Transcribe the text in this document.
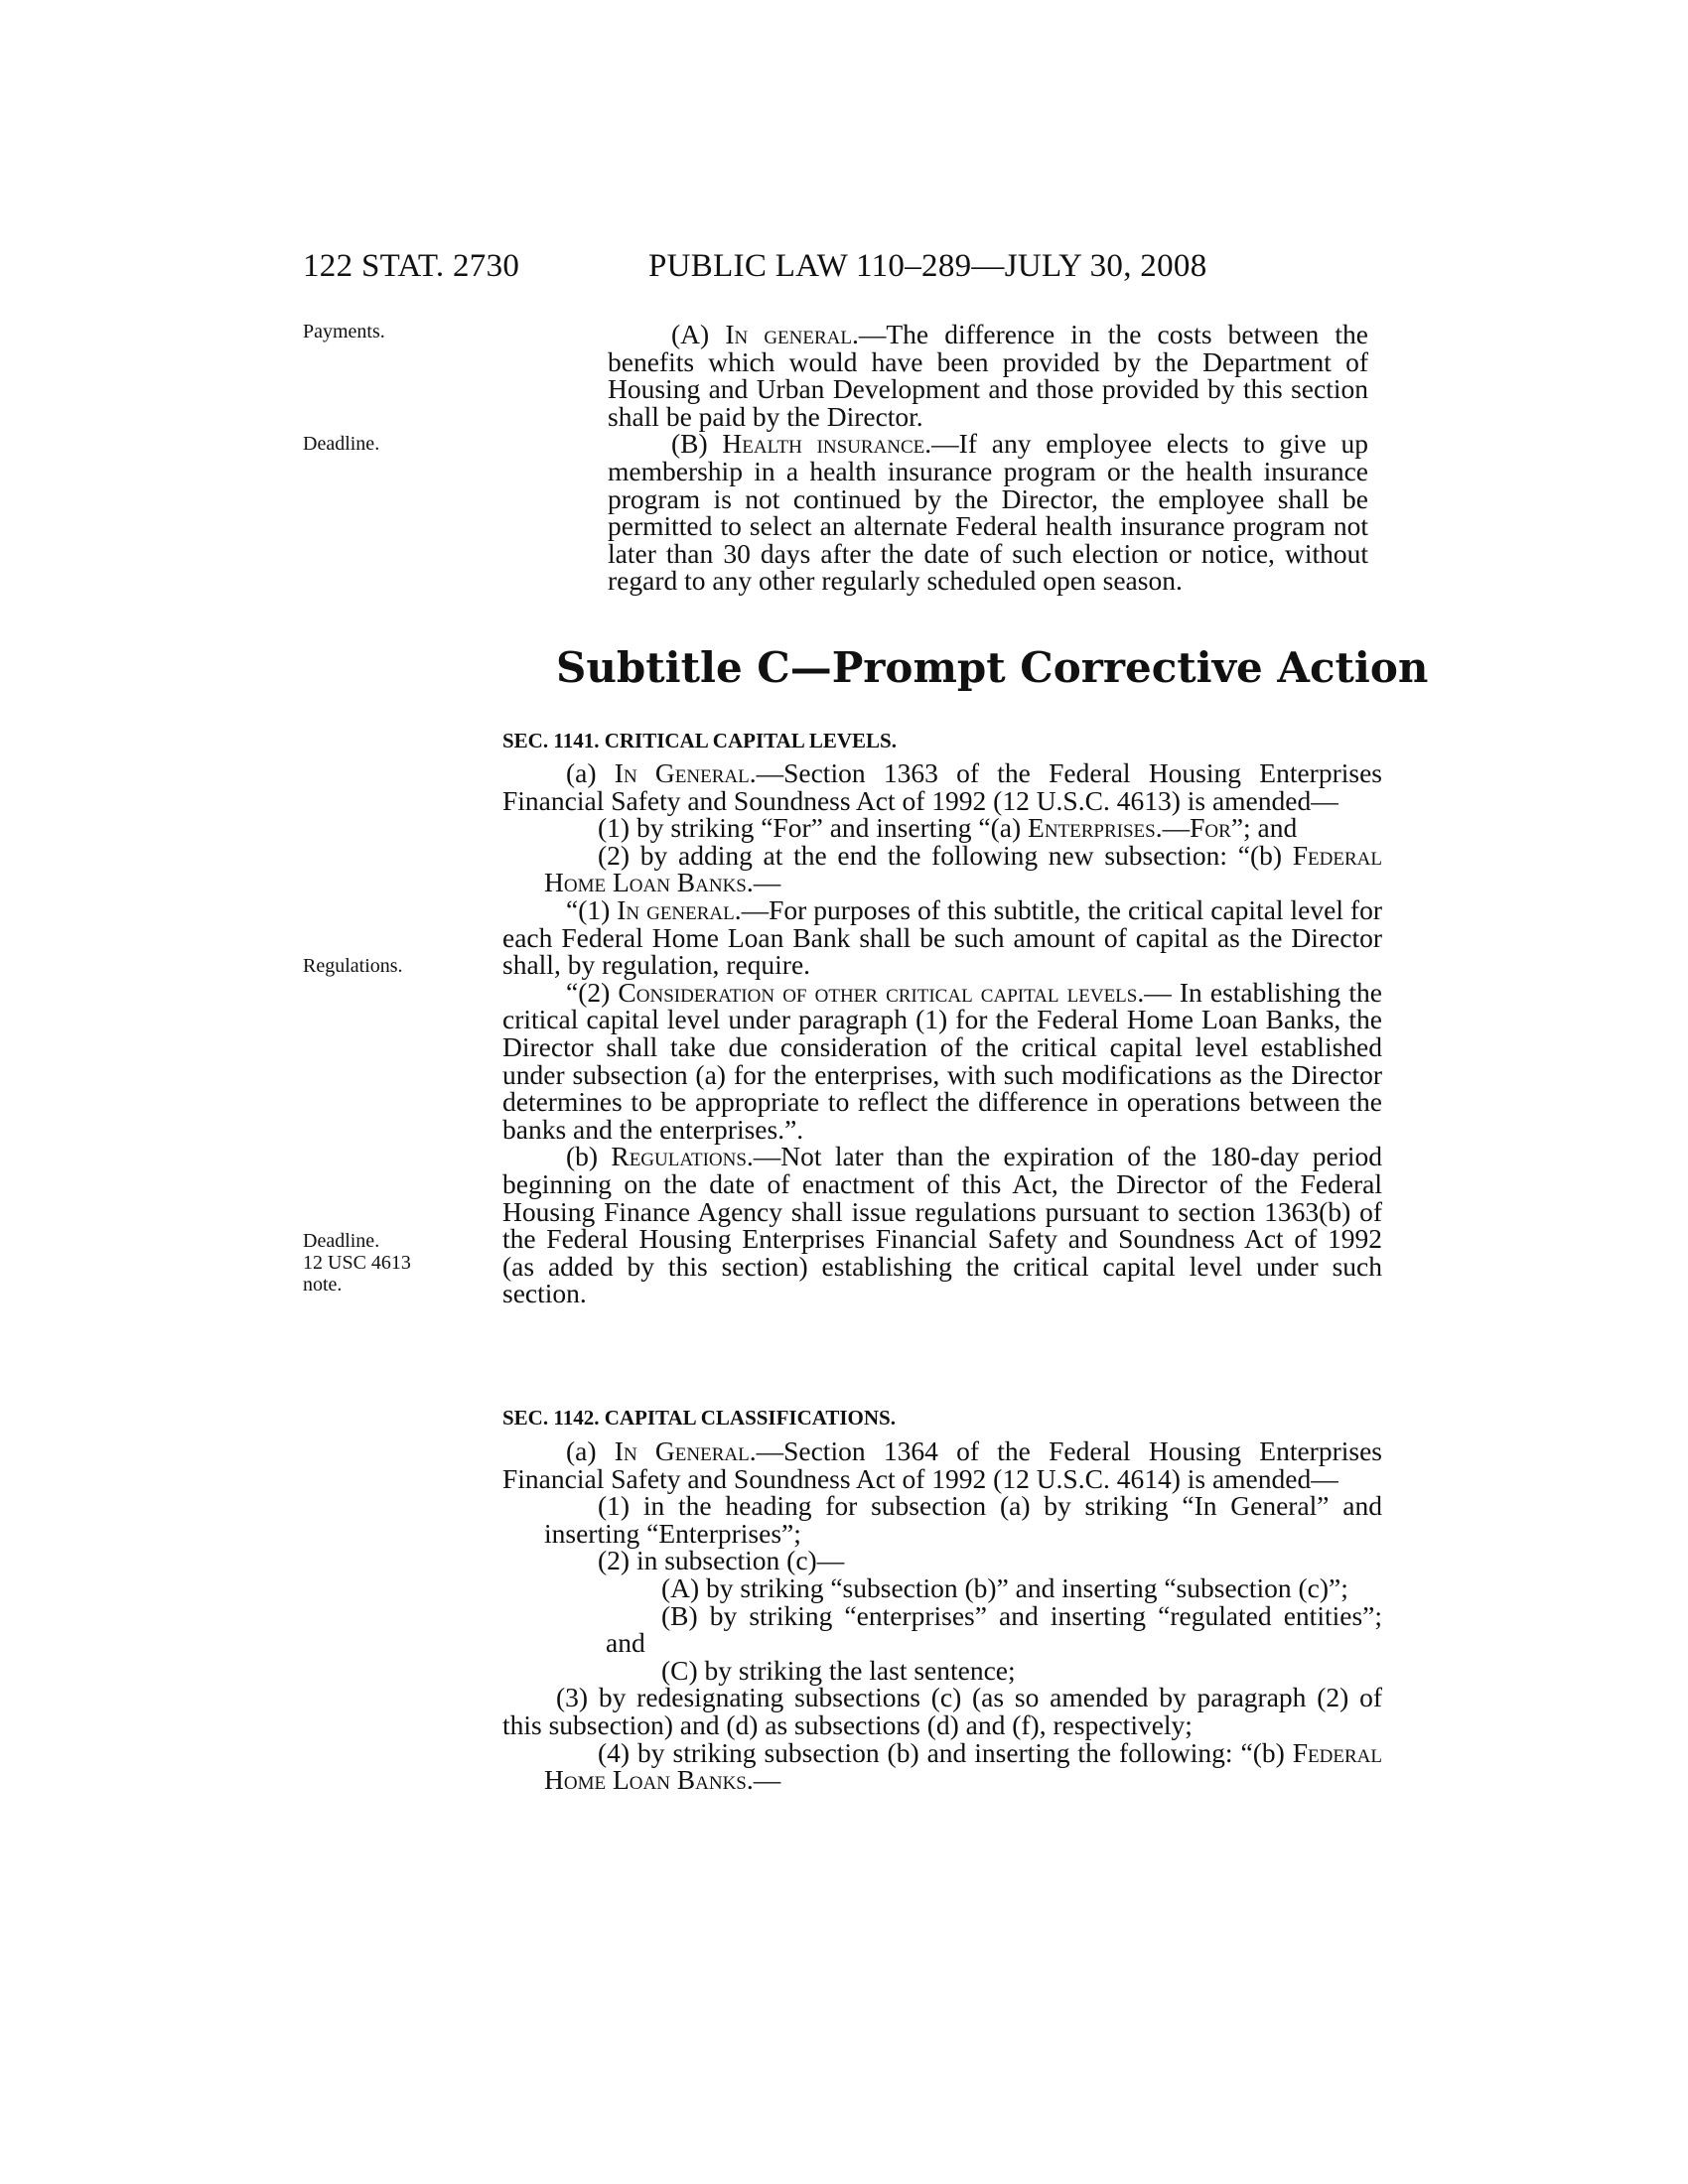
122 STAT. 2730	PUBLIC LAW 110–289—JULY 30, 2008
Payments.
Deadline.
Regulations.
Deadline.
12 USC 4613
note.

(A) In general.—The difference in the costs between the benefits which would have been provided by the Department of Housing and Urban Development and those provided by this section shall be paid by the Director.

(B) Health insurance.—If any employee elects to give up membership in a health insurance program or the health insurance program is not continued by the Director, the employee shall be permitted to select an alternate Federal health insurance program not later than 30 days after the date of such election or notice, without regard to any other regularly scheduled open season.

Subtitle C—Prompt Corrective Action
SEC. 1141. CRITICAL CAPITAL LEVELS.

(a) In General.—Section 1363 of the Federal Housing Enterprises Financial Safety and Soundness Act of 1992 (12 U.S.C. 4613) is amended—

(1) by striking “For” and inserting “(a) Enterprises.—For”; and

(2) by adding at the end the following new subsection: “(b) Federal Home Loan Banks.—

“(1) In general.—For purposes of this subtitle, the critical capital level for each Federal Home Loan Bank shall be such amount of capital as the Director shall, by regulation, require.

“(2) Consideration of other critical capital levels.— In establishing the critical capital level under paragraph (1) for the Federal Home Loan Banks, the Director shall take due consideration of the critical capital level established under subsection (a) for the enterprises, with such modifications as the Director determines to be appropriate to reflect the difference in operations between the banks and the enterprises.”.

(b) Regulations.—Not later than the expiration of the 180-day period beginning on the date of enactment of this Act, the Director of the Federal Housing Finance Agency shall issue regulations pursuant to section 1363(b) of the Federal Housing Enterprises Financial Safety and Soundness Act of 1992 (as added by this section) establishing the critical capital level under such section.

SEC. 1142. CAPITAL CLASSIFICATIONS.

(a) In General.—Section 1364 of the Federal Housing Enterprises Financial Safety and Soundness Act of 1992 (12 U.S.C. 4614) is amended—

(1) in the heading for subsection (a) by striking “In General” and inserting “Enterprises”;

(2) in subsection (c)—

(A) by striking “subsection (b)” and inserting “subsection (c)”;

(B) by striking “enterprises” and inserting “regulated entities”; and

(C) by striking the last sentence;

(3) by redesignating subsections (c) (as so amended by paragraph (2) of this subsection) and (d) as subsections (d) and (f), respectively;

(4) by striking subsection (b) and inserting the following: “(b) Federal Home Loan Banks.—
